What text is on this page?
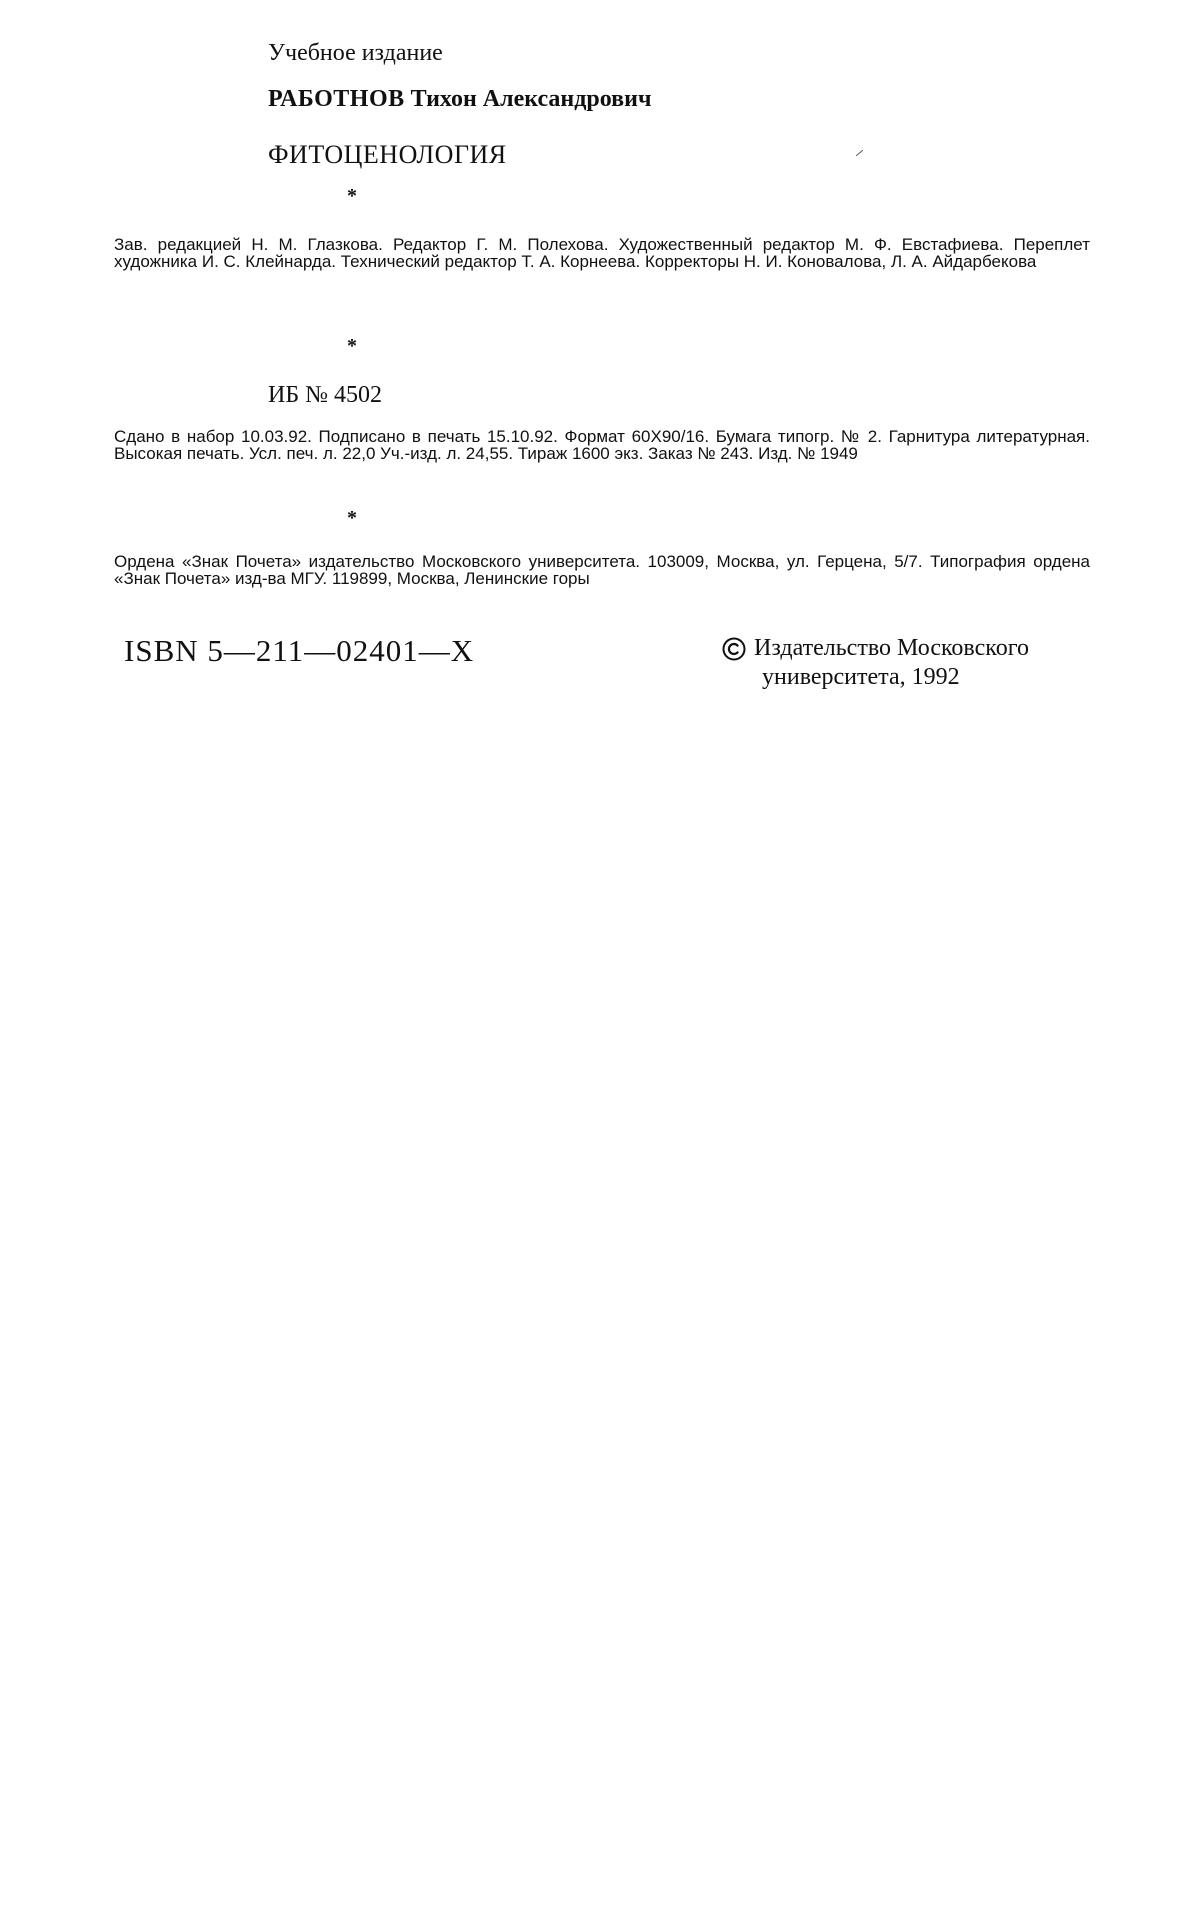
Учебное издание

РАБОТНОВ Тихон Александрович

ФИТОЦЕНОЛОГИЯ

*

Зав. редакцией Н. М. Глазкова. Редактор Г. М. Полехова. Художественный редактор М. Ф. Евстафиева. Переплет художника И. С. Клейнарда. Технический редактор Т. А. Корнеева. Корректоры Н. И. Коновалова, Л. А. Айдарбекова

*

ИБ № 4502

Сдано в набор 10.03.92. Подписано в печать 15.10.92. Формат 60Х90/16. Бумага типогр. № 2. Гарнитура литературная. Высокая печать. Усл. печ. л. 22,0 Уч.-изд. л. 24,55. Тираж 1600 экз. Заказ № 243. Изд. № 1949

*

Ордена «Знак Почета» издательство Московского университета. 103009, Москва, ул. Герцена, 5/7. Типография ордена «Знак Почета» изд-ва МГУ. 119899, Москва, Ленинские горы

ISBN 5—211—02401—X	Издательство Московского
университета, 1992
